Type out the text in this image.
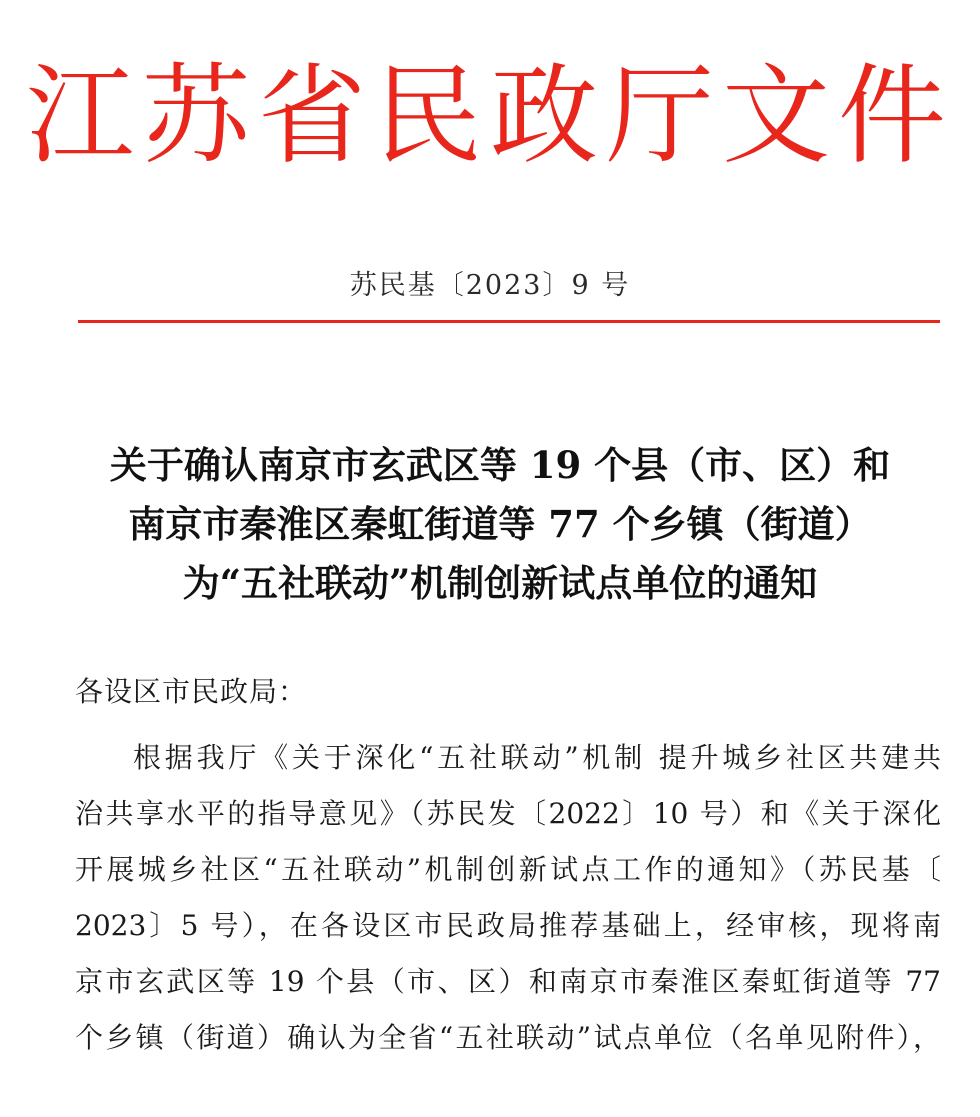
江苏省民政厅文件
苏民基〔2023〕9 号
关于确认南京市玄武区等 19 个县（市、区）和
南京市秦淮区秦虹街道等 77 个乡镇（街道）
为“五社联动”机制创新试点单位的通知
各设区市民政局：
根据我厅《关于深化“五社联动”机制 提升城乡社区共建共
治共享水平的指导意见》（苏民发〔2022〕10 号）和《关于深化
开展城乡社区“五社联动”机制创新试点工作的通知》（苏民基〔
2023〕5 号），在各设区市民政局推荐基础上，经审核，现将南
京市玄武区等 19 个县（市、区）和南京市秦淮区秦虹街道等 77
个乡镇（街道）确认为全省“五社联动”试点单位（名单见附件），
